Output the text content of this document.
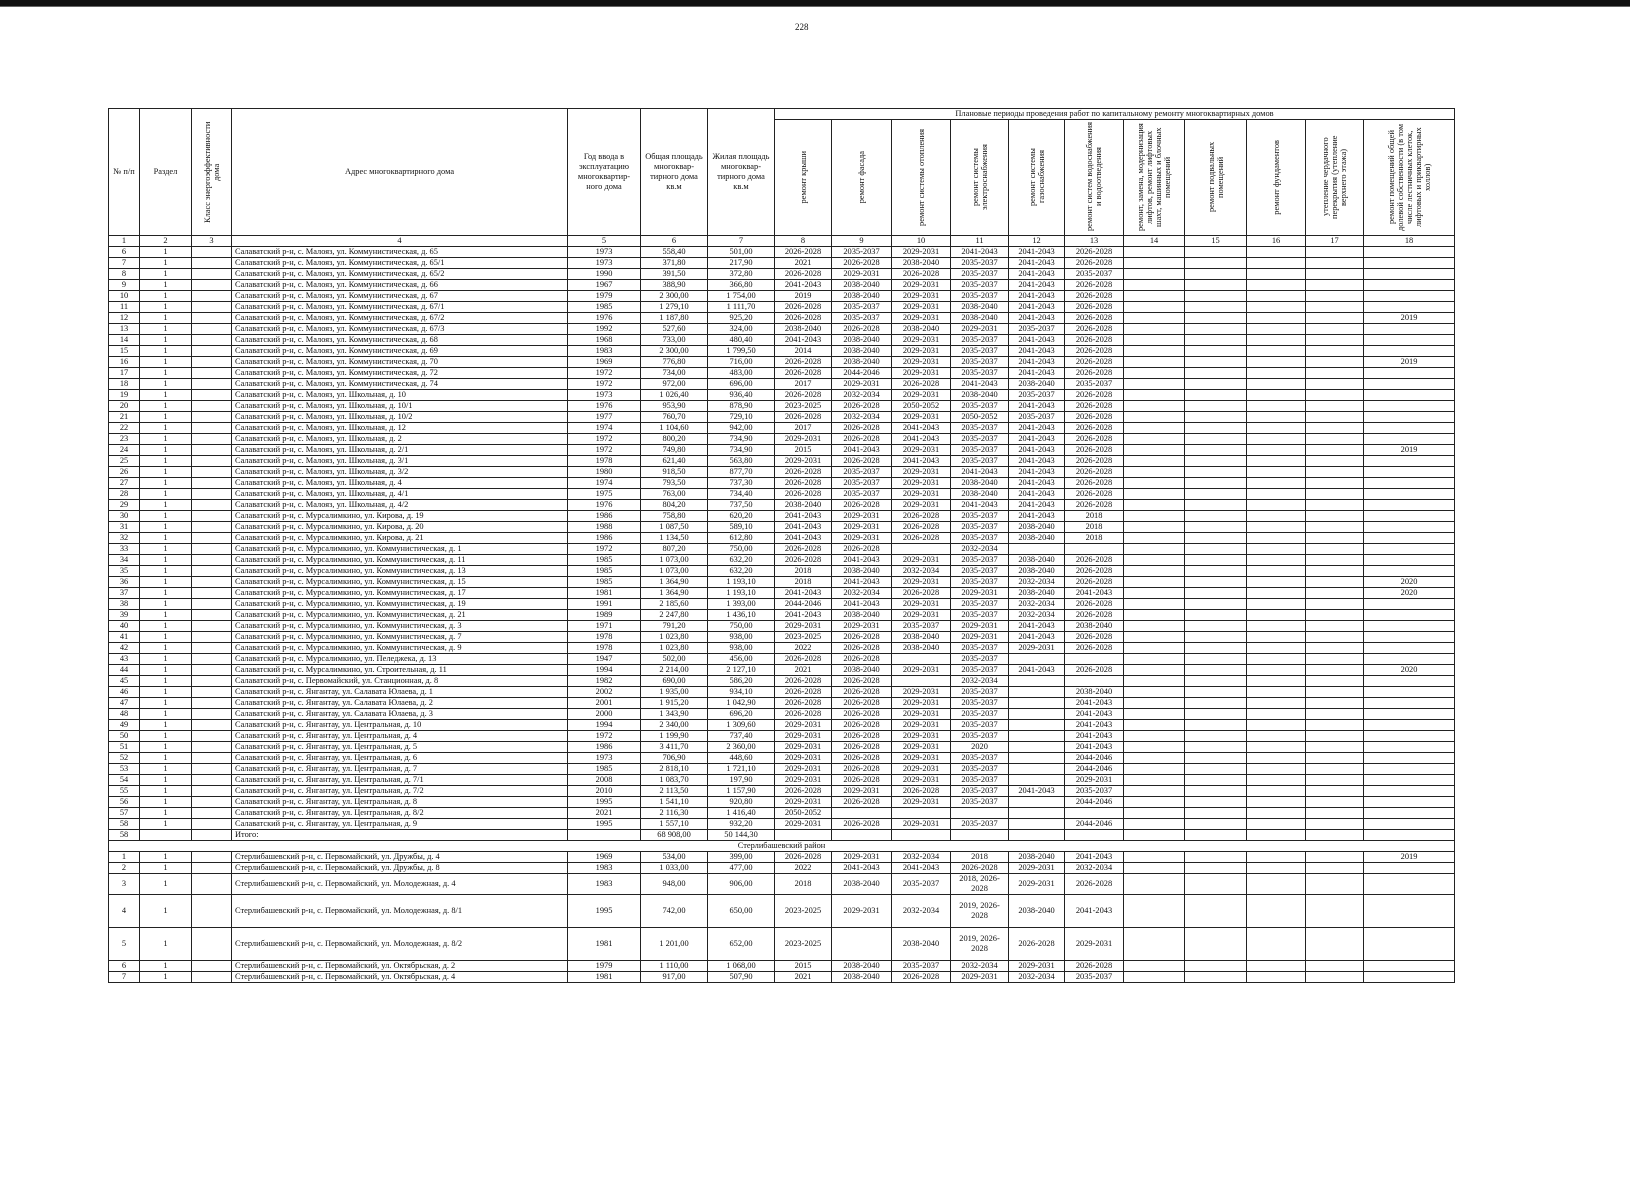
228
№ п/п	Раздел	Класс энергоэффективности дома	Адрес многоквартирного дома	Год ввода в эксплуатацию многоквартир-ного дома	Общая площадь многоквар-тирного дома кв.м	Жилая площадь многоквар-тирного дома кв.м	Плановые периоды проведения работ по капитальному ремонту многоквартирных домов										

							ремонт крыши	ремонт фасада	ремонт системы отопления	ремонт системы электроснабжения	ремонт системы газоснабжения	ремонт систем водоснабжения и водоотведения	ремонт, замена, модернизация лифтов, ремонт лифтовых шахт, машинных и блочных помещений	ремонт подвальных помещений	ремонт фундаментов	утепление чердачного перекрытия (утепление верхнего этажа)	ремонт помещений общей долевой собственности (в том числе лестничных клеток, лифтовых и приквартирных холлов)

1	2	3	4	5	6	7	8	9	10	11	12	13	14	15	16	17	18
6	1		Салаватский р-н, с. Малояз, ул. Коммунистическая, д. 65	1973	558,40	501,00	2026-2028	2035-2037	2029-2031	2041-2043	2041-2043	2026-2028					
7	1		Салаватский р-н, с. Малояз, ул. Коммунистическая, д. 65/1	1973	371,80	217,90	2021	2026-2028	2038-2040	2035-2037	2041-2043	2026-2028					
8	1		Салаватский р-н, с. Малояз, ул. Коммунистическая, д. 65/2	1990	391,50	372,80	2026-2028	2029-2031	2026-2028	2035-2037	2041-2043	2035-2037					
9	1		Салаватский р-н, с. Малояз, ул. Коммунистическая, д. 66	1967	388,90	366,80	2041-2043	2038-2040	2029-2031	2035-2037	2041-2043	2026-2028					
10	1		Салаватский р-н, с. Малояз, ул. Коммунистическая, д. 67	1979	2 300,00	1 754,00	2019	2038-2040	2029-2031	2035-2037	2041-2043	2026-2028					
11	1		Салаватский р-н, с. Малояз, ул. Коммунистическая, д. 67/1	1985	1 279,10	1 111,70	2026-2028	2035-2037	2029-2031	2038-2040	2041-2043	2026-2028					
12	1		Салаватский р-н, с. Малояз, ул. Коммунистическая, д. 67/2	1976	1 187,80	925,20	2026-2028	2035-2037	2029-2031	2038-2040	2041-2043	2026-2028					2019
13	1		Салаватский р-н, с. Малояз, ул. Коммунистическая, д. 67/3	1992	527,60	324,00	2038-2040	2026-2028	2038-2040	2029-2031	2035-2037	2026-2028					
14	1		Салаватский р-н, с. Малояз, ул. Коммунистическая, д. 68	1968	733,00	480,40	2041-2043	2038-2040	2029-2031	2035-2037	2041-2043	2026-2028					
15	1		Салаватский р-н, с. Малояз, ул. Коммунистическая, д. 69	1983	2 300,00	1 799,50	2014	2038-2040	2029-2031	2035-2037	2041-2043	2026-2028					
16	1		Салаватский р-н, с. Малояз, ул. Коммунистическая, д. 70	1969	776,80	716,00	2026-2028	2038-2040	2029-2031	2035-2037	2041-2043	2026-2028					2019
17	1		Салаватский р-н, с. Малояз, ул. Коммунистическая, д. 72	1972	734,00	483,00	2026-2028	2044-2046	2029-2031	2035-2037	2041-2043	2026-2028					
18	1		Салаватский р-н, с. Малояз, ул. Коммунистическая, д. 74	1972	972,00	696,00	2017	2029-2031	2026-2028	2041-2043	2038-2040	2035-2037					
19	1		Салаватский р-н, с. Малояз, ул. Школьная, д. 10	1973	1 026,40	936,40	2026-2028	2032-2034	2029-2031	2038-2040	2035-2037	2026-2028					
20	1		Салаватский р-н, с. Малояз, ул. Школьная, д. 10/1	1976	953,90	878,90	2023-2025	2026-2028	2050-2052	2035-2037	2041-2043	2026-2028					
21	1		Салаватский р-н, с. Малояз, ул. Школьная, д. 10/2	1977	760,70	729,10	2026-2028	2032-2034	2029-2031	2050-2052	2035-2037	2026-2028					
22	1		Салаватский р-н, с. Малояз, ул. Школьная, д. 12	1974	1 104,60	942,00	2017	2026-2028	2041-2043	2035-2037	2041-2043	2026-2028					
23	1		Салаватский р-н, с. Малояз, ул. Школьная, д. 2	1972	800,20	734,90	2029-2031	2026-2028	2041-2043	2035-2037	2041-2043	2026-2028					
24	1		Салаватский р-н, с. Малояз, ул. Школьная, д. 2/1	1972	749,80	734,90	2015	2041-2043	2029-2031	2035-2037	2041-2043	2026-2028					2019
25	1		Салаватский р-н, с. Малояз, ул. Школьная, д. 3/1	1978	621,40	563,80	2029-2031	2026-2028	2041-2043	2035-2037	2041-2043	2026-2028					
26	1		Салаватский р-н, с. Малояз, ул. Школьная, д. 3/2	1980	918,50	877,70	2026-2028	2035-2037	2029-2031	2041-2043	2041-2043	2026-2028					
27	1		Салаватский р-н, с. Малояз, ул. Школьная, д. 4	1974	793,50	737,30	2026-2028	2035-2037	2029-2031	2038-2040	2041-2043	2026-2028					
28	1		Салаватский р-н, с. Малояз, ул. Школьная, д. 4/1	1975	763,00	734,40	2026-2028	2035-2037	2029-2031	2038-2040	2041-2043	2026-2028					
29	1		Салаватский р-н, с. Малояз, ул. Школьная, д. 4/2	1976	804,20	737,50	2038-2040	2026-2028	2029-2031	2041-2043	2041-2043	2026-2028					
30	1		Салаватский р-н, с. Мурсалимкино, ул. Кирова, д. 19	1986	758,80	620,20	2041-2043	2029-2031	2026-2028	2035-2037	2041-2043	2018					
31	1		Салаватский р-н, с. Мурсалимкино, ул. Кирова, д. 20	1988	1 087,50	589,10	2041-2043	2029-2031	2026-2028	2035-2037	2038-2040	2018					
32	1		Салаватский р-н, с. Мурсалимкино, ул. Кирова, д. 21	1986	1 134,50	612,80	2041-2043	2029-2031	2026-2028	2035-2037	2038-2040	2018					
33	1		Салаватский р-н, с. Мурсалимкино, ул. Коммунистическая, д. 1	1972	807,20	750,00	2026-2028	2026-2028		2032-2034							
34	1		Салаватский р-н, с. Мурсалимкино, ул. Коммунистическая, д. 11	1985	1 073,00	632,20	2026-2028	2041-2043	2029-2031	2035-2037	2038-2040	2026-2028					
35	1		Салаватский р-н, с. Мурсалимкино, ул. Коммунистическая, д. 13	1985	1 073,00	632,20	2018	2038-2040	2032-2034	2035-2037	2038-2040	2026-2028					
36	1		Салаватский р-н, с. Мурсалимкино, ул. Коммунистическая, д. 15	1985	1 364,90	1 193,10	2018	2041-2043	2029-2031	2035-2037	2032-2034	2026-2028					2020
37	1		Салаватский р-н, с. Мурсалимкино, ул. Коммунистическая, д. 17	1981	1 364,90	1 193,10	2041-2043	2032-2034	2026-2028	2029-2031	2038-2040	2041-2043					2020
38	1		Салаватский р-н, с. Мурсалимкино, ул. Коммунистическая, д. 19	1991	2 185,60	1 393,00	2044-2046	2041-2043	2029-2031	2035-2037	2032-2034	2026-2028					
39	1		Салаватский р-н, с. Мурсалимкино, ул. Коммунистическая, д. 21	1989	2 247,80	1 436,10	2041-2043	2038-2040	2029-2031	2035-2037	2032-2034	2026-2028					
40	1		Салаватский р-н, с. Мурсалимкино, ул. Коммунистическая, д. 3	1971	791,20	750,00	2029-2031	2029-2031	2035-2037	2029-2031	2041-2043	2038-2040					
41	1		Салаватский р-н, с. Мурсалимкино, ул. Коммунистическая, д. 7	1978	1 023,80	938,00	2023-2025	2026-2028	2038-2040	2029-2031	2041-2043	2026-2028					
42	1		Салаватский р-н, с. Мурсалимкино, ул. Коммунистическая, д. 9	1978	1 023,80	938,00	2022	2026-2028	2038-2040	2035-2037	2029-2031	2026-2028					
43	1		Салаватский р-н, с. Мурсалимкино, ул. Пеледжека, д. 13	1947	502,00	456,00	2026-2028	2026-2028		2035-2037							
44	1		Салаватский р-н, с. Мурсалимкино, ул. Строительная, д. 11	1994	2 214,00	2 127,10	2021	2038-2040	2029-2031	2035-2037	2041-2043	2026-2028					2020
45	1		Салаватский р-н, с. Первомайский, ул. Станционная, д. 8	1982	690,00	586,20	2026-2028	2026-2028		2032-2034							
46	1		Салаватский р-н, с. Янгантау, ул. Салавата Юлаева, д. 1	2002	1 935,00	934,10	2026-2028	2026-2028	2029-2031	2035-2037		2038-2040					
47	1		Салаватский р-н, с. Янгантау, ул. Салавата Юлаева, д. 2	2001	1 915,20	1 042,90	2026-2028	2026-2028	2029-2031	2035-2037		2041-2043					
48	1		Салаватский р-н, с. Янгантау, ул. Салавата Юлаева, д. 3	2000	1 343,90	696,20	2026-2028	2026-2028	2029-2031	2035-2037		2041-2043					
49	1		Салаватский р-н, с. Янгантау, ул. Центральная, д. 10	1994	2 340,00	1 309,60	2029-2031	2026-2028	2029-2031	2035-2037		2041-2043					
50	1		Салаватский р-н, с. Янгантау, ул. Центральная, д. 4	1972	1 199,90	737,40	2029-2031	2026-2028	2029-2031	2035-2037		2041-2043					
51	1		Салаватский р-н, с. Янгантау, ул. Центральная, д. 5	1986	3 411,70	2 360,00	2029-2031	2026-2028	2029-2031	2020		2041-2043					
52	1		Салаватский р-н, с. Янгантау, ул. Центральная, д. 6	1973	706,90	448,60	2029-2031	2026-2028	2029-2031	2035-2037		2044-2046					
53	1		Салаватский р-н, с. Янгантау, ул. Центральная, д. 7	1985	2 818,10	1 721,10	2029-2031	2026-2028	2029-2031	2035-2037		2044-2046					
54	1		Салаватский р-н, с. Янгантау, ул. Центральная, д. 7/1	2008	1 083,70	197,90	2029-2031	2026-2028	2029-2031	2035-2037		2029-2031					
55	1		Салаватский р-н, с. Янгантау, ул. Центральная, д. 7/2	2010	2 113,50	1 157,90	2026-2028	2029-2031	2026-2028	2035-2037	2041-2043	2035-2037					
56	1		Салаватский р-н, с. Янгантау, ул. Центральная, д. 8	1995	1 541,10	920,80	2029-2031	2026-2028	2029-2031	2035-2037		2044-2046					
57	1		Салаватский р-н, с. Янгантау, ул. Центральная, д. 8/2	2021	2 116,30	1 416,40	2050-2052										
58	1		Салаватский р-н, с. Янгантау, ул. Центральная, д. 9	1995	1 557,10	932,20	2029-2031	2026-2028	2029-2031	2035-2037		2044-2046					
58			Итого:		68 908,00	50 144,30											
Стерлибашевский район																	
1	1		Стерлибашевский р-н, с. Первомайский, ул. Дружбы, д. 4	1969	534,00	399,00	2026-2028	2029-2031	2032-2034	2018	2038-2040	2041-2043					2019
2	1		Стерлибашевский р-н, с. Первомайский, ул. Дружбы, д. 8	1983	1 033,00	477,00	2022	2041-2043	2041-2043	2026-2028	2029-2031	2032-2034					
3	1		Стерлибашевский р-н, с. Первомайский, ул. Молодежная, д. 4	1983	948,00	906,00	2018	2038-2040	2035-2037	2018, 2026-2028	2029-2031	2026-2028					
4	1		Стерлибашевский р-н, с. Первомайский, ул. Молодежная, д. 8/1	1995	742,00	650,00	2023-2025	2029-2031	2032-2034	2019, 2026-2028	2038-2040	2041-2043					
5	1		Стерлибашевский р-н, с. Первомайский, ул. Молодежная, д. 8/2	1981	1 201,00	652,00	2023-2025		2038-2040	2019, 2026-2028	2026-2028	2029-2031					
6	1		Стерлибашевский р-н, с. Первомайский, ул. Октябрьская, д. 2	1979	1 110,00	1 068,00	2015	2038-2040	2035-2037	2032-2034	2029-2031	2026-2028					
7	1		Стерлибашевский р-н, с. Первомайский, ул. Октябрьская, д. 4	1981	917,00	507,90	2021	2038-2040	2026-2028	2029-2031	2032-2034	2035-2037					
